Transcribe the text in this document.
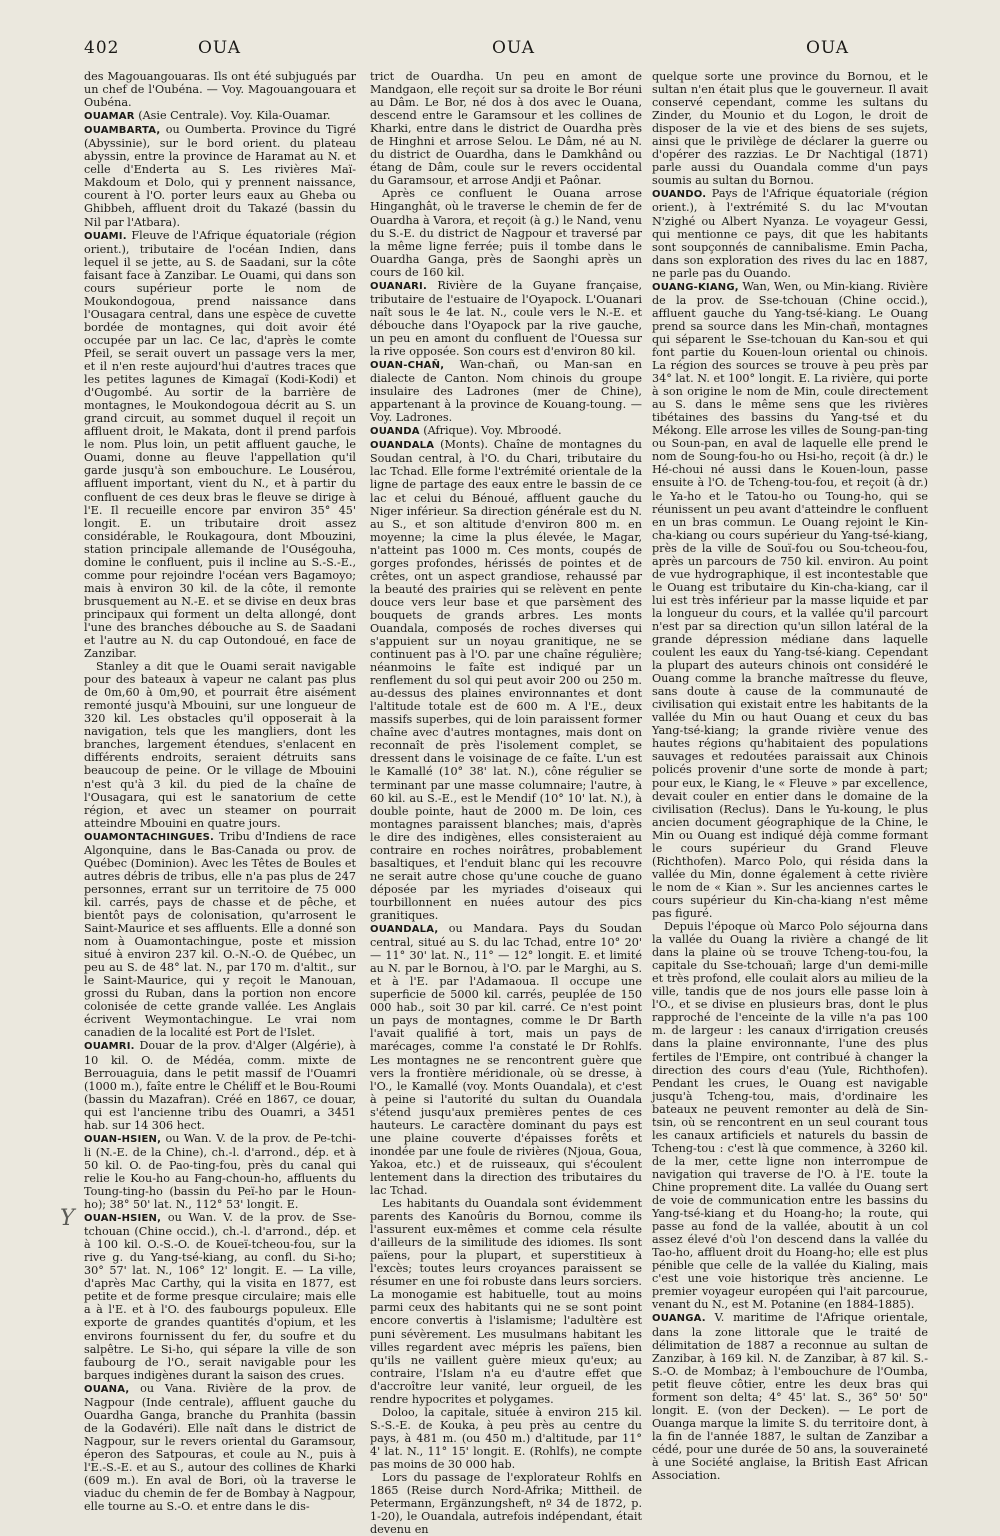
402	OUA	OUA	OUA

des Magouangouaras. Ils ont été subjugués par un chef de l'Oubéna. — Voy. Magouangouara et Oubéna.

OUAMAR (Asie Centrale). Voy. Kila-Ouamar.

OUAMBARTA, ou Oumberta. Province du Tigré (Abyssinie), sur le bord orient. du plateau abyssin, entre la province de Haramat au N. et celle d'Enderta au S. Les rivières Maï-Makdoum et Dolo, qui y prennent naissance, courent à l'O. porter leurs eaux au Gheba ou Ghibbeh, affluent droit du Takazé (bassin du Nil par l'Atbara).

OUAMI. Fleuve de l'Afrique équatoriale (région orient.), tributaire de l'océan Indien, dans lequel il se jette, au S. de Saadani, sur la côte faisant face à Zanzibar. Le Ouami, qui dans son cours supérieur porte le nom de Moukondogoua, prend naissance dans l'Ousagara central, dans une espèce de cuvette bordée de montagnes, qui doit avoir été occupée par un lac. Ce lac, d'après le comte Pfeil, se serait ouvert un passage vers la mer, et il n'en reste aujourd'hui d'autres traces que les petites lagunes de Kimagaï (Kodi-Kodi) et d'Ougombé. Au sortir de la barrière de montagnes, le Moukondogoua décrit au S. un grand circuit, au sommet duquel il reçoit un affluent droit, le Makata, dont il prend parfois le nom. Plus loin, un petit affluent gauche, le Ouami, donne au fleuve l'appellation qu'il garde jusqu'à son embouchure. Le Lousérou, affluent important, vient du N., et à partir du confluent de ces deux bras le fleuve se dirige à l'E. Il recueille encore par environ 35° 45' longit. E. un tributaire droit assez considérable, le Roukagoura, dont Mbouzini, station principale allemande de l'Ouségouha, domine le confluent, puis il incline au S.-S.-E., comme pour rejoindre l'océan vers Bagamoyo; mais à environ 30 kil. de la côte, il remonte brusquement au N.-E. et se divise en deux bras principaux qui forment un delta allongé, dont l'une des branches débouche au S. de Saadani et l'autre au N. du cap Outondoué, en face de Zanzibar.

Stanley a dit que le Ouami serait navigable pour des bateaux à vapeur ne calant pas plus de 0m,60 à 0m,90, et pourrait être aisément remonté jusqu'à Mbouini, sur une longueur de 320 kil. Les obstacles qu'il opposerait à la navigation, tels que les mangliers, dont les branches, largement étendues, s'enlacent en différents endroits, seraient détruits sans beaucoup de peine. Or le village de Mbouini n'est qu'à 3 kil. du pied de la chaîne de l'Ousagara, qui est le sanatorium de cette région, et avec un steamer on pourrait atteindre Mbouini en quatre jours.

OUAMONTACHINGUES. Tribu d'Indiens de race Algonquine, dans le Bas-Canada ou prov. de Québec (Dominion). Avec les Têtes de Boules et autres débris de tribus, elle n'a pas plus de 247 personnes, errant sur un territoire de 75 000 kil. carrés, pays de chasse et de pêche, et bientôt pays de colonisation, qu'arrosent le Saint-Maurice et ses affluents. Elle a donné son nom à Ouamontachingue, poste et mission situé à environ 237 kil. O.-N.-O. de Québec, un peu au S. de 48° lat. N., par 170 m. d'altit., sur le Saint-Maurice, qui y reçoit le Manouan, grossi du Ruban, dans la portion non encore colonisée de cette grande vallée. Les Anglais écrivent Weymontachingue. Le vrai nom canadien de la localité est Port de l'Islet.

OUAMRI. Douar de la prov. d'Alger (Algérie), à 10 kil. O. de Médéa, comm. mixte de Berrouaguia, dans le petit massif de l'Ouamri (1000 m.), faîte entre le Chéliff et le Bou-Roumi (bassin du Mazafran). Créé en 1867, ce douar, qui est l'ancienne tribu des Ouamri, a 3451 hab. sur 14 306 hect.

OUAN-HSIEN, ou Wan. V. de la prov. de Pe-tchi-li (N.-E. de la Chine), ch.-l. d'arrond., dép. et à 50 kil. O. de Pao-ting-fou, près du canal qui relie le Kou-ho au Fang-choun-ho, affluents du Toung-ting-ho (bassin du Peï-ho par le Houn-ho); 38° 50' lat. N., 112° 53' longit. E.

OUAN-HSIEN, ou Wan. V. de la prov. de Sse-tchouan (Chine occid.), ch.-l. d'arrond., dép. et à 100 kil. O.-S.-O. de Koueï-tcheou-fou, sur la rive g. du Yang-tsé-kiang, au confl. du Si-ho; 30° 57' lat. N., 106° 12' longit. E. — La ville, d'après Mac Carthy, qui la visita en 1877, est petite et de forme presque circulaire; mais elle a à l'E. et à l'O. des faubourgs populeux. Elle exporte de grandes quantités d'opium, et les environs fournissent du fer, du soufre et du salpêtre. Le Si-ho, qui sépare la ville de son faubourg de l'O., serait navigable pour les barques indigènes durant la saison des crues.

OUANA, ou Vana. Rivière de la prov. de Nagpour (Inde centrale), affluent gauche du Ouardha Ganga, branche du Pranhita (bassin de la Godavéri). Elle naît dans le district de Nagpour, sur le revers oriental du Garamsour, éperon des Satpouras, et coule au N., puis à l'E.-S.-E. et au S., autour des collines de Kharki (609 m.). En aval de Bori, où la traverse le viaduc du chemin de fer de Bombay à Nagpour, elle tourne au S.-O. et entre dans le dis-

trict de Ouardha. Un peu en amont de Mandgaon, elle reçoit sur sa droite le Bor réuni au Dâm. Le Bor, né dos à dos avec le Ouana, descend entre le Garamsour et les collines de Kharki, entre dans le district de Ouardha près de Hinghni et arrose Selou. Le Dâm, né au N. du district de Ouardha, dans le Damkhând ou étang de Dâm, coule sur le revers occidental du Garamsour, et arrose Andji et Paônar.

Après ce confluent le Ouana arrose Hinganghât, où le traverse le chemin de fer de Ouardha à Varora, et reçoit (à g.) le Nand, venu du S.-E. du district de Nagpour et traversé par la même ligne ferrée; puis il tombe dans le Ouardha Ganga, près de Saonghi après un cours de 160 kil.

OUANARI. Rivière de la Guyane française, tributaire de l'estuaire de l'Oyapock. L'Ouanari naît sous le 4e lat. N., coule vers le N.-E. et débouche dans l'Oyapock par la rive gauche, un peu en amont du confluent de l'Ouessa sur la rive opposée. Son cours est d'environ 80 kil.

OUAN-CHAÑ, Wan-chañ, ou Man-san en dialecte de Canton. Nom chinois du groupe insulaire des Ladrones (mer de Chine), appartenant à la province de Kouang-toung. — Voy. Ladrones.

OUANDA (Afrique). Voy. Mbroodé.

OUANDALA (Monts). Chaîne de montagnes du Soudan central, à l'O. du Chari, tributaire du lac Tchad. Elle forme l'extrémité orientale de la ligne de partage des eaux entre le bassin de ce lac et celui du Bénoué, affluent gauche du Niger inférieur. Sa direction générale est du N. au S., et son altitude d'environ 800 m. en moyenne; la cime la plus élevée, le Magar, n'atteint pas 1000 m. Ces monts, coupés de gorges profondes, hérissés de pointes et de crêtes, ont un aspect grandiose, rehaussé par la beauté des prairies qui se relèvent en pente douce vers leur base et que parsèment des bouquets de grands arbres. Les monts Ouandala, composés de roches diverses qui s'appuient sur un noyau granitique, ne se continuent pas à l'O. par une chaîne régulière; néanmoins le faîte est indiqué par un renflement du sol qui peut avoir 200 ou 250 m. au-dessus des plaines environnantes et dont l'altitude totale est de 600 m. A l'E., deux massifs superbes, qui de loin paraissent former chaîne avec d'autres montagnes, mais dont on reconnaît de près l'isolement complet, se dressent dans le voisinage de ce faîte. L'un est le Kamallé (10° 38' lat. N.), cône régulier se terminant par une masse columnaire; l'autre, à 60 kil. au S.-E., est le Mendif (10° 10' lat. N.), à double pointe, haut de 2000 m. De loin, ces montagnes paraissent blanches; mais, d'après le dire des indigènes, elles consisteraient au contraire en roches noirâtres, probablement basaltiques, et l'enduit blanc qui les recouvre ne serait autre chose qu'une couche de guano déposée par les myriades d'oiseaux qui tourbillonnent en nuées autour des pics granitiques.

OUANDALA, ou Mandara. Pays du Soudan central, situé au S. du lac Tchad, entre 10° 20' — 11° 30' lat. N., 11° — 12° longit. E. et limité au N. par le Bornou, à l'O. par le Marghi, au S. et à l'E. par l'Adamaoua. Il occupe une superficie de 5000 kil. carrés, peuplée de 150 000 hab., soit 30 par kil. carré. Ce n'est point un pays de montagnes, comme le Dr Barth l'avait qualifié à tort, mais un pays de marécages, comme l'a constaté le Dr Rohlfs. Les montagnes ne se rencontrent guère que vers la frontière méridionale, où se dresse, à l'O., le Kamallé (voy. Monts Ouandala), et c'est à peine si l'autorité du sultan du Ouandala s'étend jusqu'aux premières pentes de ces hauteurs. Le caractère dominant du pays est une plaine couverte d'épaisses forêts et inondée par une foule de rivières (Njoua, Goua, Yakoa, etc.) et de ruisseaux, qui s'écoulent lentement dans la direction des tributaires du lac Tchad.

Les habitants du Ouandala sont évidemment parents des Kanoûris du Bornou, comme ils l'assurent eux-mêmes et comme cela résulte d'ailleurs de la similitude des idiomes. Ils sont païens, pour la plupart, et superstitieux à l'excès; toutes leurs croyances paraissent se résumer en une foi robuste dans leurs sorciers. La monogamie est habituelle, tout au moins parmi ceux des habitants qui ne se sont point encore convertis à l'islamisme; l'adultère est puni sévèrement. Les musulmans habitant les villes regardent avec mépris les païens, bien qu'ils ne vaillent guère mieux qu'eux; au contraire, l'Islam n'a eu d'autre effet que d'accroître leur vanité, leur orgueil, de les rendre hypocrites et polygames.

Doloo, la capitale, située à environ 215 kil. S.-S.-E. de Kouka, à peu près au centre du pays, à 481 m. (ou 450 m.) d'altitude, par 11° 4' lat. N., 11° 15' longit. E. (Rohlfs), ne compte pas moins de 30 000 hab.

Lors du passage de l'explorateur Rohlfs en 1865 (Reise durch Nord-Afrika; Mittheil. de Petermann, Ergänzungsheft, nº 34 de 1872, p. 1-20), le Ouandala, autrefois indépendant, était devenu en

quelque sorte une province du Bornou, et le sultan n'en était plus que le gouverneur. Il avait conservé cependant, comme les sultans du Zinder, du Mounio et du Logon, le droit de disposer de la vie et des biens de ses sujets, ainsi que le privilège de déclarer la guerre ou d'opérer des razzias. Le Dr Nachtigal (1871) parle aussi du Ouandala comme d'un pays soumis au sultan du Bornou.

OUANDO. Pays de l'Afrique équatoriale (région orient.), à l'extrémité S. du lac M'voutan N'zighé ou Albert Nyanza. Le voyageur Gessi, qui mentionne ce pays, dit que les habitants sont soupçonnés de cannibalisme. Emin Pacha, dans son exploration des rives du lac en 1887, ne parle pas du Ouando.

OUANG-KIANG, Wan, Wen, ou Min-kiang. Rivière de la prov. de Sse-tchouan (Chine occid.), affluent gauche du Yang-tsé-kiang. Le Ouang prend sa source dans les Min-chañ, montagnes qui séparent le Sse-tchouan du Kan-sou et qui font partie du Kouen-loun oriental ou chinois. La région des sources se trouve à peu près par 34° lat. N. et 100° longit. E. La rivière, qui porte à son origine le nom de Min, coule directement au S. dans le même sens que les rivières tibétaines des bassins du Yang-tsé et du Mékong. Elle arrose les villes de Soung-pan-ting ou Soun-pan, en aval de laquelle elle prend le nom de Soung-fou-ho ou Hsi-ho, reçoit (à dr.) le Hé-choui né aussi dans le Kouen-loun, passe ensuite à l'O. de Tcheng-tou-fou, et reçoit (à dr.) le Ya-ho et le Tatou-ho ou Toung-ho, qui se réunissent un peu avant d'atteindre le confluent en un bras commun. Le Ouang rejoint le Kin-cha-kiang ou cours supérieur du Yang-tsé-kiang, près de la ville de Souï-fou ou Sou-tcheou-fou, après un parcours de 750 kil. environ. Au point de vue hydrographique, il est incontestable que le Ouang est tributaire du Kin-cha-kiang, car il lui est très inférieur par la masse liquide et par la longueur du cours, et la vallée qu'il parcourt n'est par sa direction qu'un sillon latéral de la grande dépression médiane dans laquelle coulent les eaux du Yang-tsé-kiang. Cependant la plupart des auteurs chinois ont considéré le Ouang comme la branche maîtresse du fleuve, sans doute à cause de la communauté de civilisation qui existait entre les habitants de la vallée du Min ou haut Ouang et ceux du bas Yang-tsé-kiang; la grande rivière venue des hautes régions qu'habitaient des populations sauvages et redoutées paraissait aux Chinois policés provenir d'une sorte de monde à part; pour eux, le Kiang, le « Fleuve » par excellence, devait couler en entier dans le domaine de la civilisation (Reclus). Dans le Yu-koung, le plus ancien document géographique de la Chine, le Min ou Ouang est indiqué déjà comme formant le cours supérieur du Grand Fleuve (Richthofen). Marco Polo, qui résida dans la vallée du Min, donne également à cette rivière le nom de « Kian ». Sur les anciennes cartes le cours supérieur du Kin-cha-kiang n'est même pas figuré.

Depuis l'époque où Marco Polo séjourna dans la vallée du Ouang la rivière a changé de lit dans la plaine où se trouve Tcheng-tou-fou, la capitale du Sse-tchouañ; large d'un demi-mille et très profond, elle coulait alors au milieu de la ville, tandis que de nos jours elle passe loin à l'O., et se divise en plusieurs bras, dont le plus rapproché de l'enceinte de la ville n'a pas 100 m. de largeur : les canaux d'irrigation creusés dans la plaine environnante, l'une des plus fertiles de l'Empire, ont contribué à changer la direction des cours d'eau (Yule, Richthofen). Pendant les crues, le Ouang est navigable jusqu'à Tcheng-tou, mais, d'ordinaire les bateaux ne peuvent remonter au delà de Sin-tsin, où se rencontrent en un seul courant tous les canaux artificiels et naturels du bassin de Tcheng-tou : c'est là que commence, à 3260 kil. de la mer, cette ligne non interrompue de navigation qui traverse de l'O. à l'E. toute la Chine proprement dite. La vallée du Ouang sert de voie de communication entre les bassins du Yang-tsé-kiang et du Hoang-ho; la route, qui passe au fond de la vallée, aboutit à un col assez élevé d'où l'on descend dans la vallée du Tao-ho, affluent droit du Hoang-ho; elle est plus pénible que celle de la vallée du Kialing, mais c'est une voie historique très ancienne. Le premier voyageur européen qui l'ait parcourue, venant du N., est M. Potanine (en 1884-1885).

OUANGA. V. maritime de l'Afrique orientale, dans la zone littorale que le traité de délimitation de 1887 a reconnue au sultan de Zanzibar, à 169 kil. N. de Zanzibar, à 87 kil. S.-S.-O. de Mombaz; à l'embouchure de l'Oumba, petit fleuve côtier, entre les deux bras qui forment son delta; 4° 45' lat. S., 36° 50' 50" longit. E. (von der Decken). — Le port de Ouanga marque la limite S. du territoire dont, à la fin de l'année 1887, le sultan de Zanzibar a cédé, pour une durée de 50 ans, la souveraineté à une Société anglaise, la British East African Association.

Y
